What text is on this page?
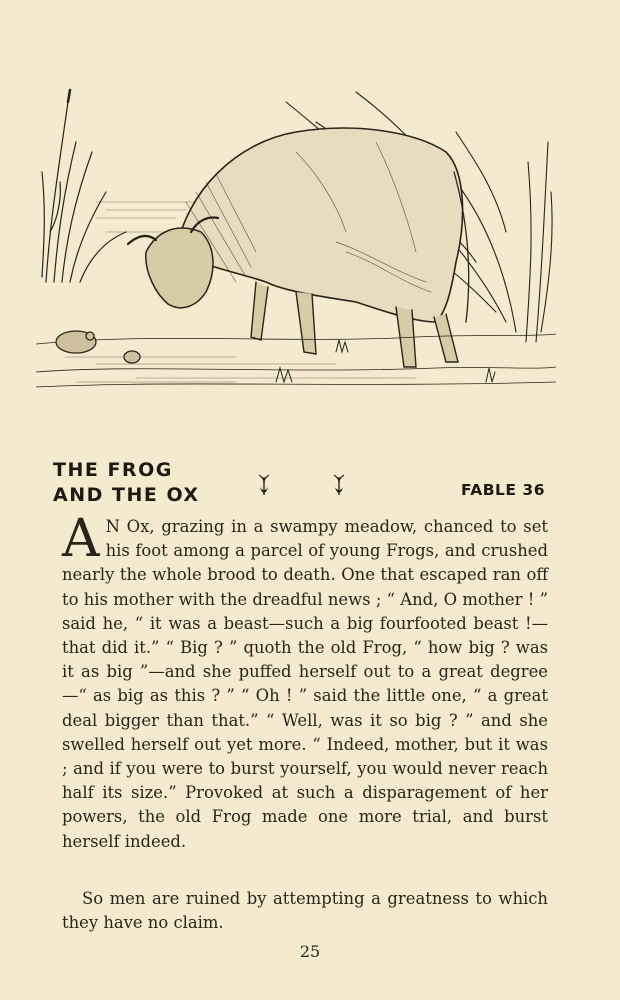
THE FROG
AND THE OX	FABLE 36
A N Ox, grazing in a swampy meadow, chanced to set his foot among a parcel of young Frogs, and crushed nearly the whole brood to death. One that escaped ran off to his mother with the dreadful news ; “ And, O mother ! ” said he, “ it was a beast—such a big fourfooted beast !—that did it.” “ Big ? ” quoth the old Frog, “ how big ? was it as big ”—and she puffed herself out to a great degree—“ as big as this ? ” “ Oh ! ” said the little one, “ a great deal bigger than that.” “ Well, was it so big ? ” and she swelled herself out yet more. “ Indeed, mother, but it was ; and if you were to burst yourself, you would never reach half its size.” Provoked at such a disparagement of her powers, the old Frog made one more trial, and burst herself indeed.
So men are ruined by attempting a greatness to which they have no claim.
25
